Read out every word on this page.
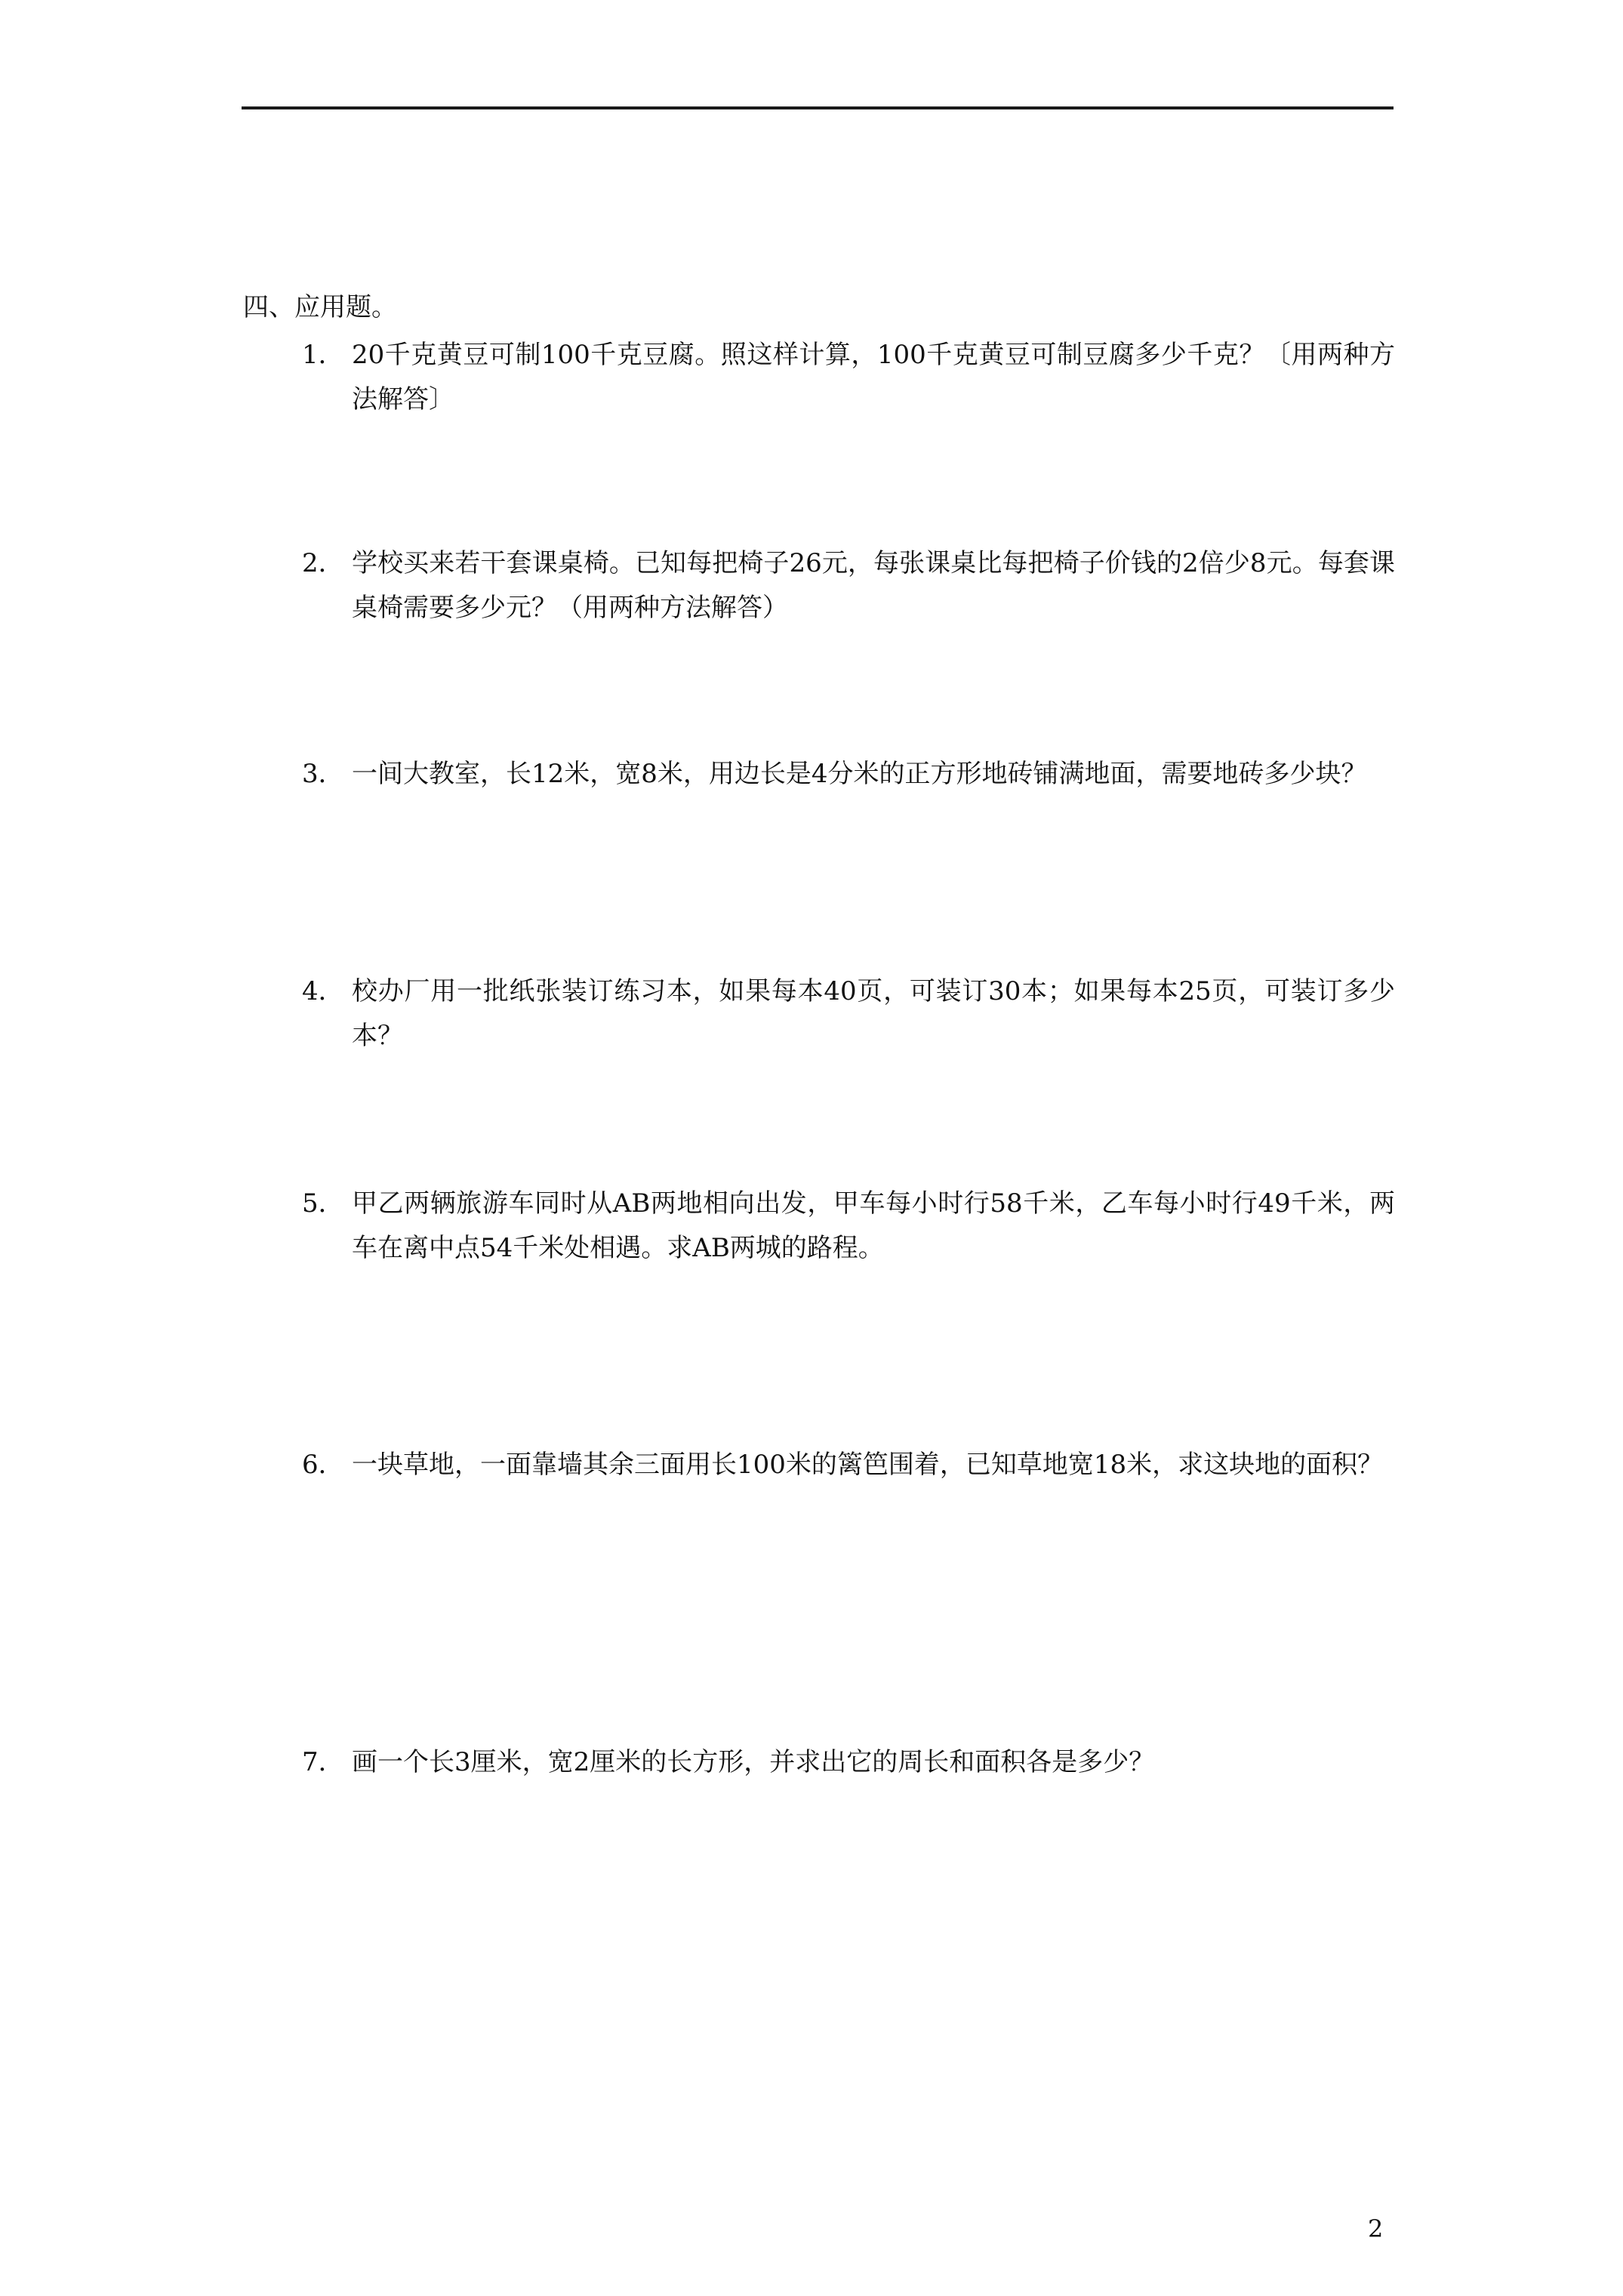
四、应用题。
1． 20千克黄豆可制100千克豆腐。照这样计算，100千克黄豆可制豆腐多少千克？〔用两种方法解答〕
2． 学校买来若干套课桌椅。已知每把椅子26元，每张课桌比每把椅子价钱的2倍少8元。每套课桌椅需要多少元？（用两种方法解答）
3． 一间大教室，长12米，宽8米，用边长是4分米的正方形地砖铺满地面，需要地砖多少块？
4． 校办厂用一批纸张装订练习本，如果每本40页，可装订30本；如果每本25页，可装订多少本？
5． 甲乙两辆旅游车同时从AB两地相向出发，甲车每小时行58千米，乙车每小时行49千米，两车在离中点54千米处相遇。求AB两城的路程。
6． 一块草地，一面靠墙其余三面用长100米的篱笆围着，已知草地宽18米，求这块地的面积？
7． 画一个长3厘米，宽2厘米的长方形，并求出它的周长和面积各是多少？
2
